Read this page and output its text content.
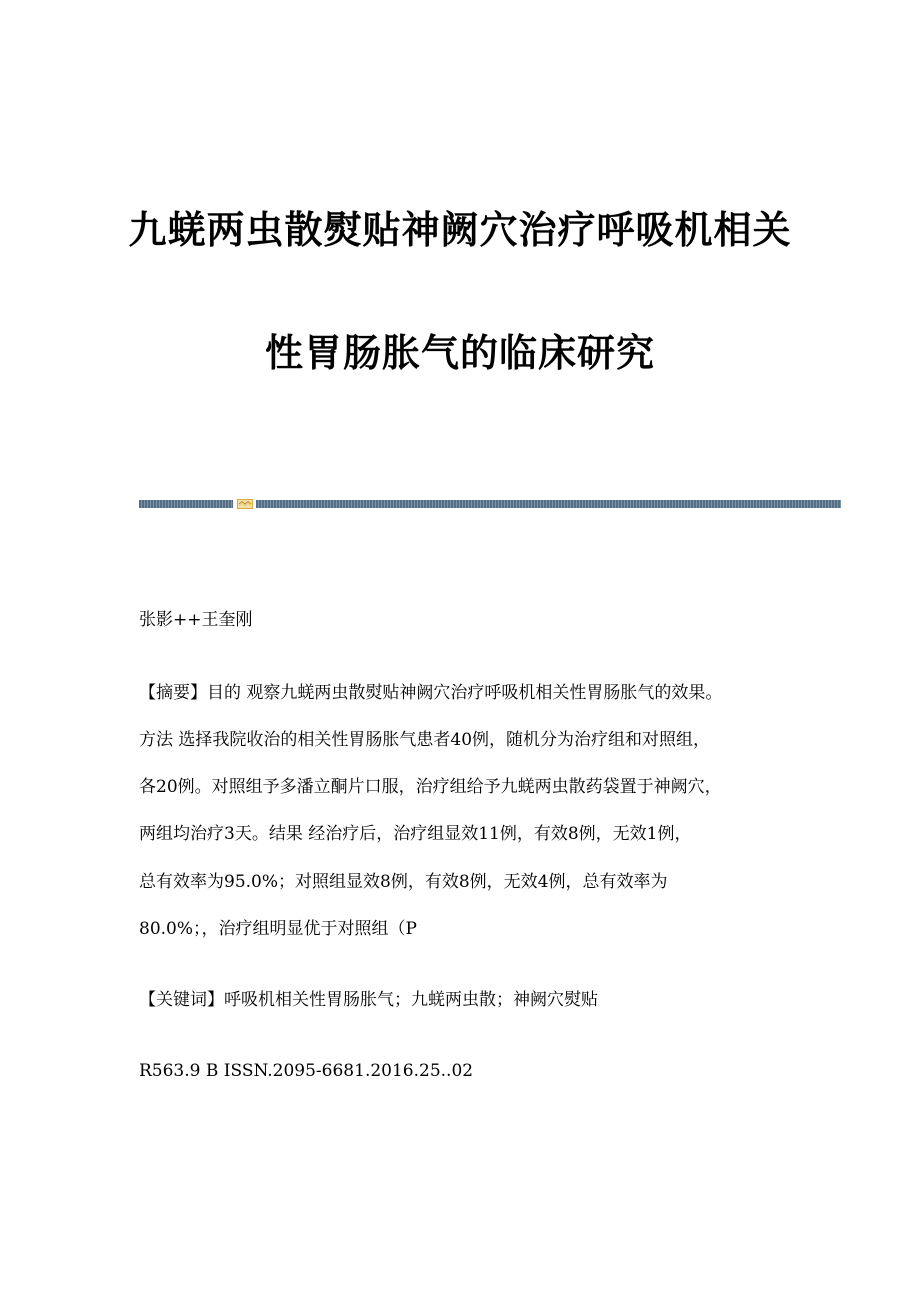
九蜣两虫散熨贴神阙穴治疗呼吸机相关
性胃肠胀气的临床研究

张影++王奎刚

【摘要】目的 观察九蜣两虫散熨贴神阙穴治疗呼吸机相关性胃肠胀气的效果。

方法 选择我院收治的相关性胃肠胀气患者40例，随机分为治疗组和对照组，

各20例。对照组予多潘立酮片口服，治疗组给予九蜣两虫散药袋置于神阙穴，

两组均治疗3天。结果 经治疗后，治疗组显效11例，有效8例，无效1例，

总有效率为95.0%；对照组显效8例，有效8例，无效4例，总有效率为

80.0%；，治疗组明显优于对照组（P

【关键词】呼吸机相关性胃肠胀气；九蜣两虫散；神阙穴熨贴

R563.9 B ISSN.2095-6681.2016.25..02
